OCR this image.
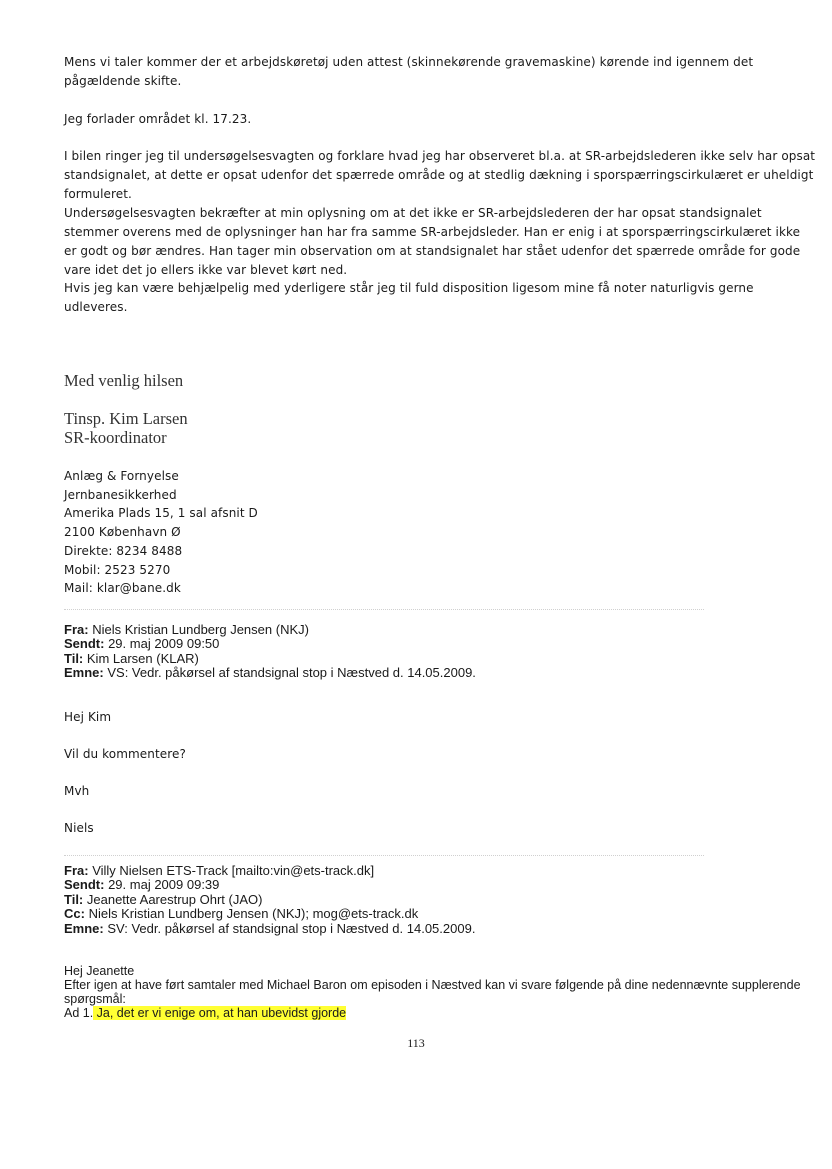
Mens vi taler kommer der et arbejdskøretøj uden attest (skinnekørende gravemaskine) kørende ind igennem det pågældende skifte.

Jeg forlader området kl. 17.23.

I bilen ringer jeg til undersøgelsesvagten og forklare hvad jeg har observeret bl.a. at SR-arbejdslederen ikke selv har opsat standsignalet, at dette er opsat udenfor det spærrede område og at stedlig dækning i sporspærringscirkulæret er uheldigt formuleret.

Undersøgelsesvagten bekræfter at min oplysning om at det ikke er SR-arbejdslederen der har opsat standsignalet stemmer overens med de oplysninger han har fra samme SR-arbejdsleder. Han er enig i at sporspærringscirkulæret ikke er godt og bør ændres. Han tager min observation om at standsignalet har stået udenfor det spærrede område for gode vare idet det jo ellers ikke var blevet kørt ned.

Hvis jeg kan være behjælpelig med yderligere står jeg til fuld disposition ligesom mine få noter naturligvis gerne udleveres.

Med venlig hilsen

Tinsp. Kim Larsen

SR-koordinator

Anlæg & Fornyelse
Jernbanesikkerhed
Amerika Plads 15, 1 sal afsnit D
2100 København Ø
Direkte: 8234 8488
Mobil: 2523 5270
Mail: klar@bane.dk
Fra: Niels Kristian Lundberg Jensen (NKJ)
Sendt: 29. maj 2009 09:50
Til: Kim Larsen (KLAR)
Emne: VS: Vedr. påkørsel af standsignal stop i Næstved d. 14.05.2009.

Hej Kim

Vil du kommentere?

Mvh

Niels

Fra: Villy Nielsen ETS-Track [mailto:vin@ets-track.dk]
Sendt: 29. maj 2009 09:39
Til: Jeanette Aarestrup Ohrt (JAO)
Cc: Niels Kristian Lundberg Jensen (NKJ); mog@ets-track.dk
Emne: SV: Vedr. påkørsel af standsignal stop i Næstved d. 14.05.2009.
Hej Jeanette
Efter igen at have ført samtaler med Michael Baron om episoden i Næstved kan vi svare følgende på dine nedennævnte supplerende spørgsmål:
Ad 1. Ja, det er vi enige om, at han ubevidst gjorde
113
